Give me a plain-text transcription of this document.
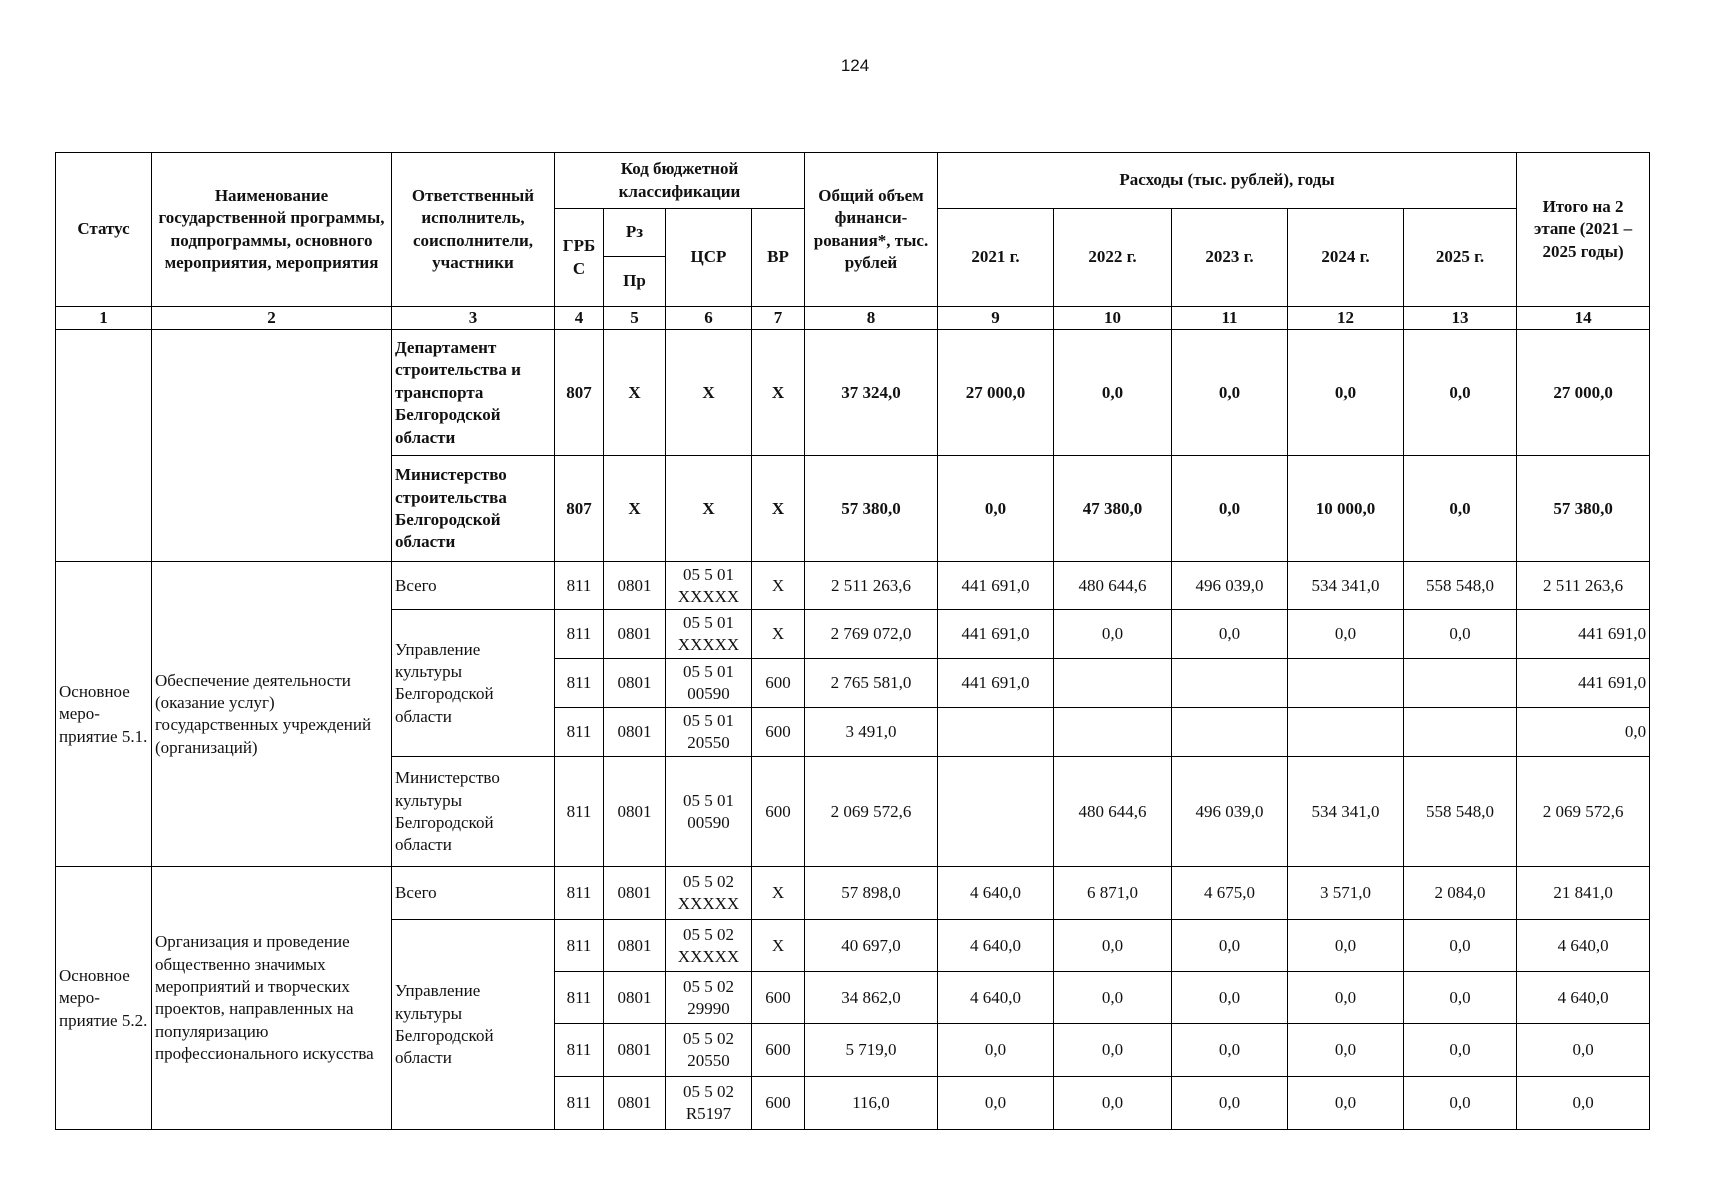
124
Статус	Наименование государственной программы, подпрограммы, основного мероприятия, мероприятия	Ответственный исполнитель, соисполнители, участники	Код бюджетной классификации				Общий объем финанси-рования*, тыс. рублей	Расходы (тыс. рублей), годы					Итого на 2 этапе (2021 – 2025 годы)
			ГРБ С	Рз	ЦСР	ВР		2021 г.	2022 г.	2023 г.	2024 г.	2025 г.	
				Пр									
1	2	3	4	5	6	7	8	9	10	11	12	13	14
		Департамент строительства и транспорта Белгородской области	807	Х	Х	Х	37 324,0	27 000,0	0,0	0,0	0,0	0,0	27 000,0
		Министерство строительства Белгородской области	807	Х	Х	Х	57 380,0	0,0	47 380,0	0,0	10 000,0	0,0	57 380,0
Основное меро-приятие 5.1.	Обеспечение деятельности (оказание услуг) государственных учреждений (организаций)	Всего	811	0801	05 5 01 ХХХХХ	Х	2 511 263,6	441 691,0	480 644,6	496 039,0	534 341,0	558 548,0	2 511 263,6
		Управление культуры Белгородской области	811	0801	05 5 01 ХХХХХ	Х	2 769 072,0	441 691,0	0,0	0,0	0,0	0,0	441 691,0
			811	0801	05 5 01 00590	600	2 765 581,0	441 691,0					441 691,0
			811	0801	05 5 01 20550	600	3 491,0						0,0
		Министерство культуры Белгородской области	811	0801	05 5 01 00590	600	2 069 572,6		480 644,6	496 039,0	534 341,0	558 548,0	2 069 572,6
Основное меро-приятие 5.2.	Организация и проведение общественно значимых мероприятий и творческих проектов, направленных на популяризацию профессионального искусства	Всего	811	0801	05 5 02 ХХХХХ	Х	57 898,0	4 640,0	6 871,0	4 675,0	3 571,0	2 084,0	21 841,0
		Управление культуры Белгородской области	811	0801	05 5 02 ХХХХХ	Х	40 697,0	4 640,0	0,0	0,0	0,0	0,0	4 640,0
			811	0801	05 5 02 29990	600	34 862,0	4 640,0	0,0	0,0	0,0	0,0	4 640,0
			811	0801	05 5 02 20550	600	5 719,0	0,0	0,0	0,0	0,0	0,0	0,0
			811	0801	05 5 02 R5197	600	116,0	0,0	0,0	0,0	0,0	0,0	0,0
